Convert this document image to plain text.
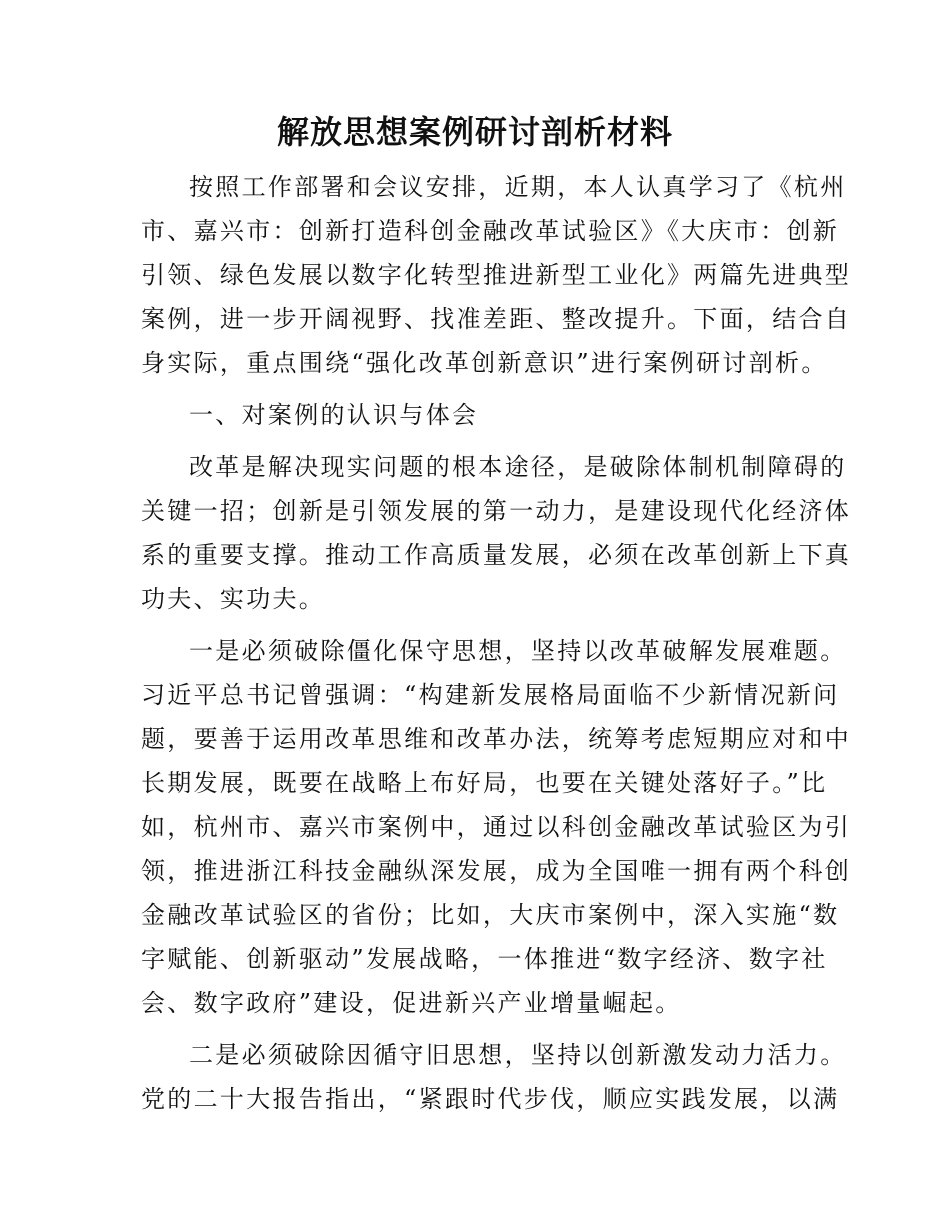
解放思想案例研讨剖析材料

按照工作部署和会议安排，近期，本人认真学习了《杭州
市、嘉兴市：创新打造科创金融改革试验区》《大庆市：创新
引领、绿色发展以数字化转型推进新型工业化》两篇先进典型
案例，进一步开阔视野、找准差距、整改提升。下面，结合自
身实际，重点围绕“强化改革创新意识”进行案例研讨剖析。

一、对案例的认识与体会

改革是解决现实问题的根本途径，是破除体制机制障碍的
关键一招；创新是引领发展的第一动力，是建设现代化经济体
系的重要支撑。推动工作高质量发展，必须在改革创新上下真
功夫、实功夫。

一是必须破除僵化保守思想，坚持以改革破解发展难题。
习近平总书记曾强调：“构建新发展格局面临不少新情况新问
题，要善于运用改革思维和改革办法，统筹考虑短期应对和中
长期发展，既要在战略上布好局，也要在关键处落好子。”比
如，杭州市、嘉兴市案例中，通过以科创金融改革试验区为引
领，推进浙江科技金融纵深发展，成为全国唯一拥有两个科创
金融改革试验区的省份；比如，大庆市案例中，深入实施“数
字赋能、创新驱动”发展战略，一体推进“数字经济、数字社
会、数字政府”建设，促进新兴产业增量崛起。

二是必须破除因循守旧思想，坚持以创新激发动力活力。
党的二十大报告指出，“紧跟时代步伐，顺应实践发展，以满
